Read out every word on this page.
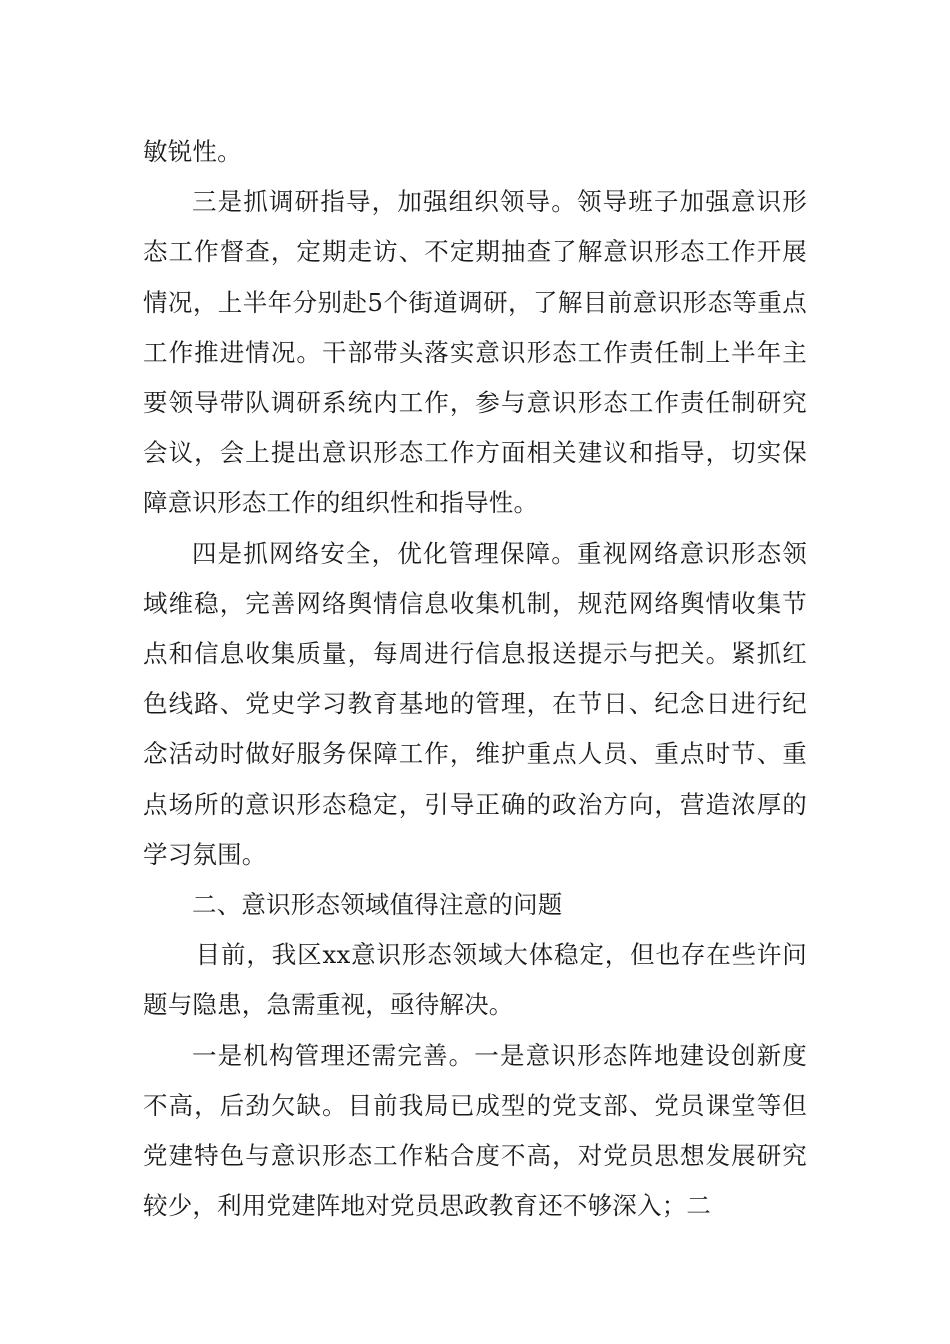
敏锐性。

三是抓调研指导，加强组织领导。领导班子加强意识形态工作督查，定期走访、不定期抽查了解意识形态工作开展情况，上半年分别赴5个街道调研，了解目前意识形态等重点工作推进情况。干部带头落实意识形态工作责任制上半年主要领导带队调研系统内工作，参与意识形态工作责任制研究会议，会上提出意识形态工作方面相关建议和指导，切实保障意识形态工作的组织性和指导性。

四是抓网络安全，优化管理保障。重视网络意识形态领域维稳，完善网络舆情信息收集机制，规范网络舆情收集节点和信息收集质量，每周进行信息报送提示与把关。紧抓红色线路、党史学习教育基地的管理，在节日、纪念日进行纪念活动时做好服务保障工作，维护重点人员、重点时节、重点场所的意识形态稳定，引导正确的政治方向，营造浓厚的学习氛围。

二、意识形态领域值得注意的问题

目前，我区xx意识形态领域大体稳定，但也存在些许问题与隐患，急需重视，亟待解决。

一是机构管理还需完善。一是意识形态阵地建设创新度不高，后劲欠缺。目前我局已成型的党支部、党员课堂等但党建特色与意识形态工作粘合度不高，对党员思想发展研究较少，利用党建阵地对党员思政教育还不够深入；二
